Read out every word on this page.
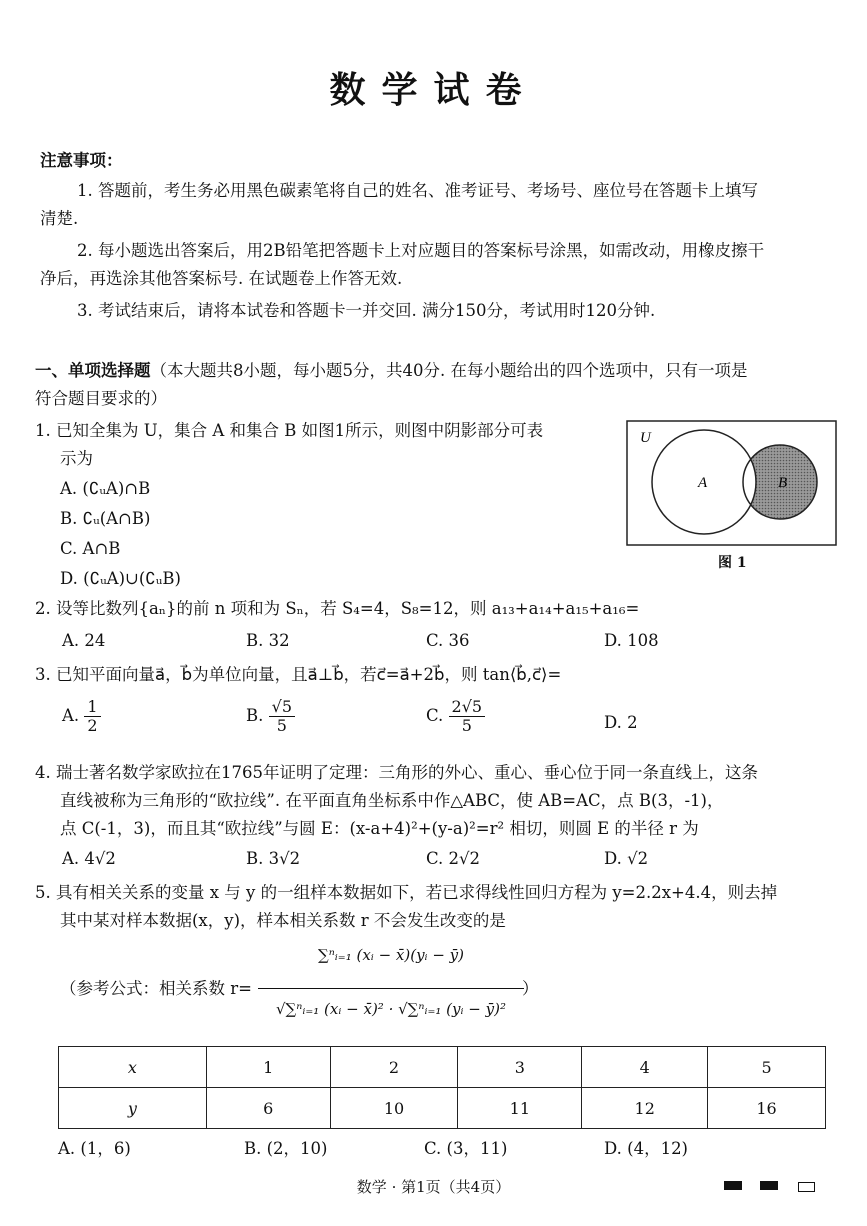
数学试卷
注意事项：
1. 答题前，考生务必用黑色碳素笔将自己的姓名、准考证号、考场号、座位号在答题卡上填写
清楚.
2. 每小题选出答案后，用2B铅笔把答题卡上对应题目的答案标号涂黑，如需改动，用橡皮擦干
净后，再选涂其他答案标号. 在试题卷上作答无效.
3. 考试结束后，请将本试卷和答题卡一并交回. 满分150分，考试用时120分钟.
一、单项选择题（本大题共8小题，每小题5分，共40分. 在每小题给出的四个选项中，只有一项是
符合题目要求的）
1. 已知全集为 U，集合 A 和集合 B 如图1所示，则图中阴影部分可表
示为
A. (∁ᵤA)∩B
B. ∁ᵤ(A∩B)
C. A∩B
D. (∁ᵤA)∪(∁ᵤB)
U
A	B
图 1
2. 设等比数列{aₙ}的前 n 项和为 Sₙ，若 S₄=4，S₈=12，则 a₁₃+a₁₄+a₁₅+a₁₆=
A. 24	B. 32	C. 36	D. 108
3. 已知平面向量a⃗，b⃗为单位向量，且a⃗⊥b⃗，若c⃗=a⃗+2b⃗，则 tan⟨b⃗,c⃗⟩=
A. $\frac{1}{2}$	B. $\frac{√5}{5}$	C. $\frac{2√5}{5}$	D. 2
4. 瑞士著名数学家欧拉在1765年证明了定理：三角形的外心、重心、垂心位于同一条直线上，这条
直线被称为三角形的“欧拉线”. 在平面直角坐标系中作△ABC，使 AB=AC，点 B(3，-1)，
点 C(-1，3)，而且其“欧拉线”与圆 E：(x-a+4)²+(y-a)²=r² 相切，则圆 E 的半径 r 为
A. 4√2	B. 3√2	C. 2√2	D. √2
5. 具有相关关系的变量 x 与 y 的一组样本数据如下，若已求得线性回归方程为 y=2.2x+4.4，则去掉
其中某对样本数据(x，y)，样本相关系数 r 不会发生改变的是
（参考公式：相关系数 r=
∑ⁿᵢ₌₁ (xᵢ − x̄)(yᵢ − ȳ)
√∑ⁿᵢ₌₁ (xᵢ − x̄)² · √∑ⁿᵢ₌₁ (yᵢ − ȳ)²
）
x	1	2	3	4	5
y	6	10	11	12	16
A. (1，6)	B. (2，10)	C. (3，11)	D. (4，12)
数学 · 第1页（共4页）
